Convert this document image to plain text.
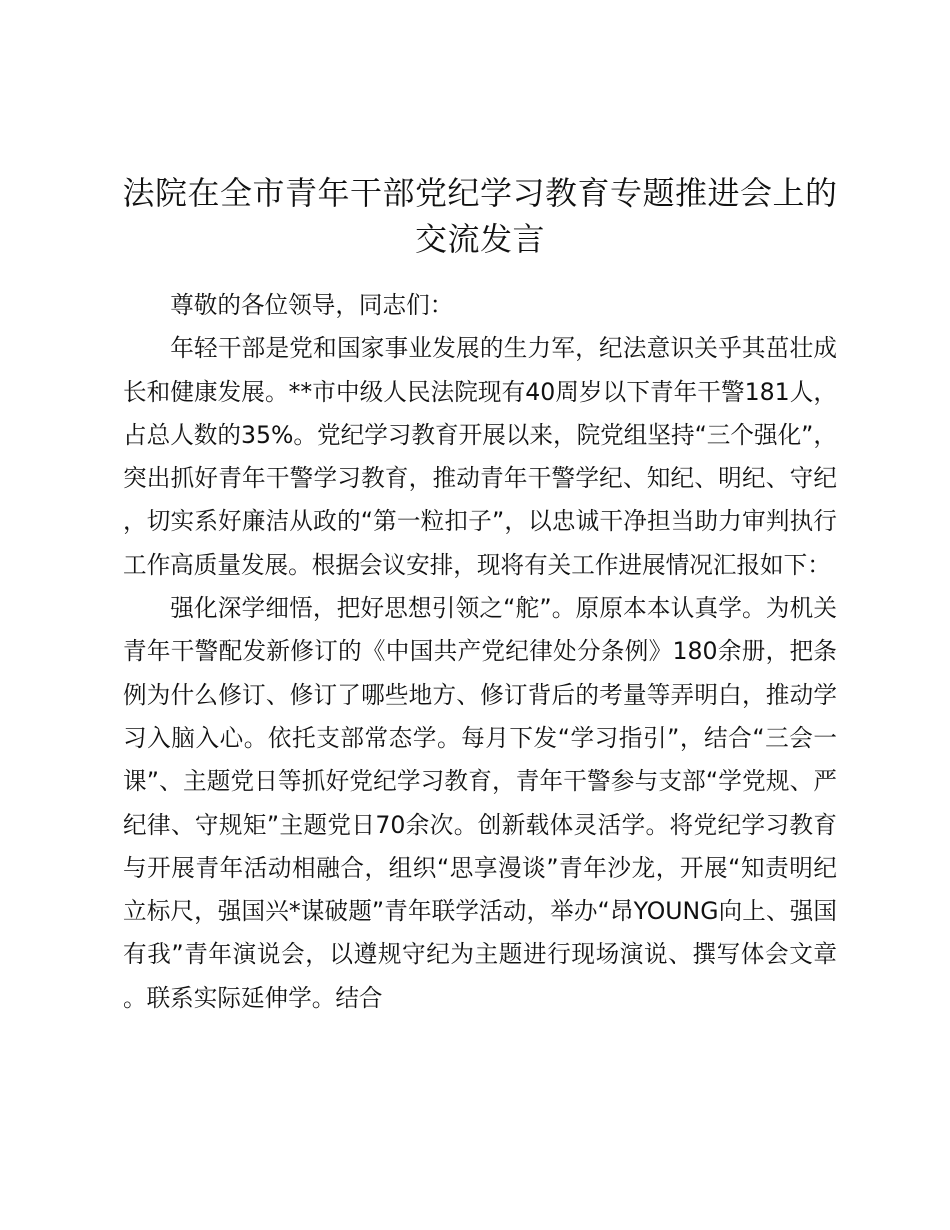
法院在全市青年干部党纪学习教育专题推进会上的交流发言

尊敬的各位领导，同志们：

年轻干部是党和国家事业发展的生力军，纪法意识关乎其茁壮成长和健康发展。**市中级人民法院现有40周岁以下青年干警181人，占总人数的35%。党纪学习教育开展以来，院党组坚持“三个强化”，突出抓好青年干警学习教育，推动青年干警学纪、知纪、明纪、守纪，切实系好廉洁从政的“第一粒扣子”，以忠诚干净担当助力审判执行工作高质量发展。根据会议安排，现将有关工作进展情况汇报如下：

强化深学细悟，把好思想引领之“舵”。原原本本认真学。为机关青年干警配发新修订的《中国共产党纪律处分条例》180余册，把条例为什么修订、修订了哪些地方、修订背后的考量等弄明白，推动学习入脑入心。依托支部常态学。每月下发“学习指引”，结合“三会一课”、主题党日等抓好党纪学习教育，青年干警参与支部“学党规、严纪律、守规矩”主题党日70余次。创新载体灵活学。将党纪学习教育与开展青年活动相融合，组织“思享漫谈”青年沙龙，开展“知责明纪立标尺，强国兴*谋破题”青年联学活动，举办“昂YOUNG向上、强国有我”青年演说会，以遵规守纪为主题进行现场演说、撰写体会文章。联系实际延伸学。结合
